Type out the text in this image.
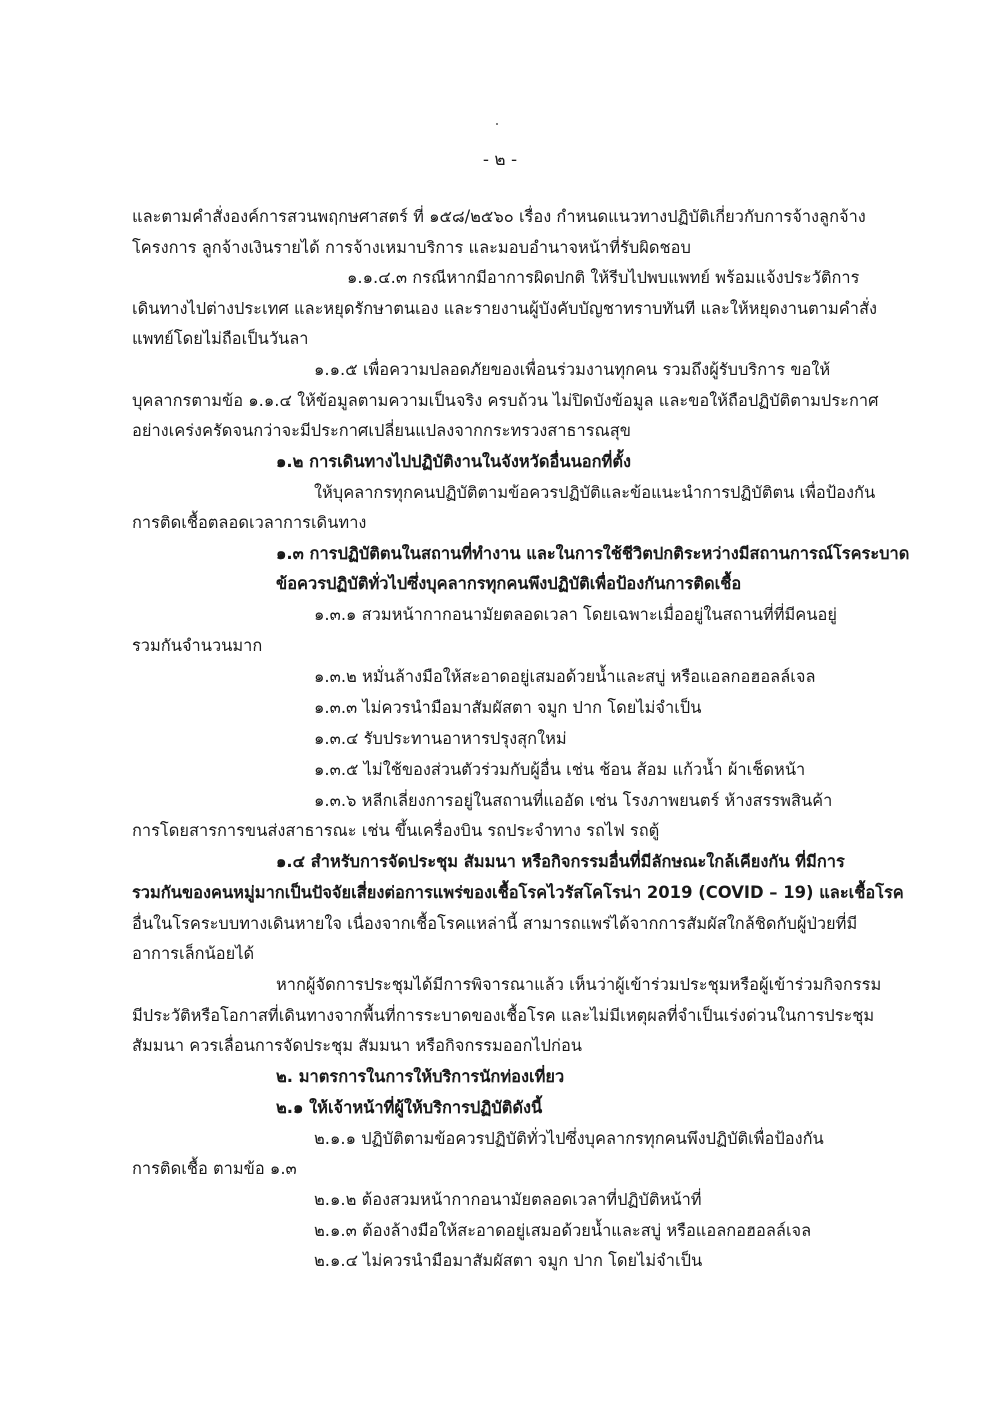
- ๒ -
และตามคำสั่งองค์การสวนพฤกษศาสตร์ ที่ ๑๕๘/๒๕๖๐ เรื่อง กำหนดแนวทางปฏิบัติเกี่ยวกับการจ้างลูกจ้าง
โครงการ ลูกจ้างเงินรายได้ การจ้างเหมาบริการ และมอบอำนาจหน้าที่รับผิดชอบ
๑.๑.๔.๓ กรณีหากมีอาการผิดปกติ ให้รีบไปพบแพทย์ พร้อมแจ้งประวัติการ
เดินทางไปต่างประเทศ และหยุดรักษาตนเอง และรายงานผู้บังคับบัญชาทราบทันที และให้หยุดงานตามคำสั่ง
แพทย์โดยไม่ถือเป็นวันลา
๑.๑.๕ เพื่อความปลอดภัยของเพื่อนร่วมงานทุกคน รวมถึงผู้รับบริการ ขอให้
บุคลากรตามข้อ ๑.๑.๔ ให้ข้อมูลตามความเป็นจริง ครบถ้วน ไม่ปิดบังข้อมูล และขอให้ถือปฏิบัติตามประกาศ
อย่างเคร่งครัดจนกว่าจะมีประกาศเปลี่ยนแปลงจากกระทรวงสาธารณสุข
๑.๒ การเดินทางไปปฏิบัติงานในจังหวัดอื่นนอกที่ตั้ง
ให้บุคลากรทุกคนปฏิบัติตามข้อควรปฏิบัติและข้อแนะนำการปฏิบัติตน เพื่อป้องกัน
การติดเชื้อตลอดเวลาการเดินทาง
๑.๓ การปฏิบัติตนในสถานที่ทำงาน และในการใช้ชีวิตปกติระหว่างมีสถานการณ์โรคระบาด
ข้อควรปฏิบัติทั่วไปซึ่งบุคลากรทุกคนพึงปฏิบัติเพื่อป้องกันการติดเชื้อ
๑.๓.๑ สวมหน้ากากอนามัยตลอดเวลา โดยเฉพาะเมื่ออยู่ในสถานที่ที่มีคนอยู่
รวมกันจำนวนมาก
๑.๓.๒ หมั่นล้างมือให้สะอาดอยู่เสมอด้วยน้ำและสบู่ หรือแอลกอฮอลล์เจล
๑.๓.๓ ไม่ควรนำมือมาสัมผัสตา จมูก ปาก โดยไม่จำเป็น
๑.๓.๔ รับประทานอาหารปรุงสุกใหม่
๑.๓.๕ ไม่ใช้ของส่วนตัวร่วมกับผู้อื่น เช่น ช้อน ส้อม แก้วน้ำ ผ้าเช็ดหน้า
๑.๓.๖ หลีกเลี่ยงการอยู่ในสถานที่แออัด เช่น โรงภาพยนตร์ ห้างสรรพสินค้า
การโดยสารการขนส่งสาธารณะ เช่น ขึ้นเครื่องบิน รถประจำทาง รถไฟ รถตู้
๑.๔ สำหรับการจัดประชุม สัมมนา หรือกิจกรรมอื่นที่มีลักษณะใกล้เคียงกัน ที่มีการ
รวมกันของคนหมู่มากเป็นปัจจัยเสี่ยงต่อการแพร่ของเชื้อโรคไวรัสโคโรน่า 2019 (COVID – 19) และเชื้อโรค
อื่นในโรคระบบทางเดินหายใจ เนื่องจากเชื้อโรคแหล่านี้ สามารถแพร่ได้จากการสัมผัสใกล้ชิดกับผู้ป่วยที่มี
อาการเล็กน้อยได้
หากผู้จัดการประชุมได้มีการพิจารณาแล้ว เห็นว่าผู้เข้าร่วมประชุมหรือผู้เข้าร่วมกิจกรรม
มีประวัติหรือโอกาสที่เดินทางจากพื้นที่การระบาดของเชื้อโรค และไม่มีเหตุผลที่จำเป็นเร่งด่วนในการประชุม
สัมมนา ควรเลื่อนการจัดประชุม สัมมนา หรือกิจกรรมออกไปก่อน
๒. มาตรการในการให้บริการนักท่องเที่ยว
๒.๑ ให้เจ้าหน้าที่ผู้ให้บริการปฏิบัติดังนี้
๒.๑.๑ ปฏิบัติตามข้อควรปฏิบัติทั่วไปซึ่งบุคลากรทุกคนพึงปฏิบัติเพื่อป้องกัน
การติดเชื้อ ตามข้อ ๑.๓
๒.๑.๒ ต้องสวมหน้ากากอนามัยตลอดเวลาที่ปฏิบัติหน้าที่
๒.๑.๓ ต้องล้างมือให้สะอาดอยู่เสมอด้วยน้ำและสบู่ หรือแอลกอฮอลล์เจล
๒.๑.๔ ไม่ควรนำมือมาสัมผัสตา จมูก ปาก โดยไม่จำเป็น
